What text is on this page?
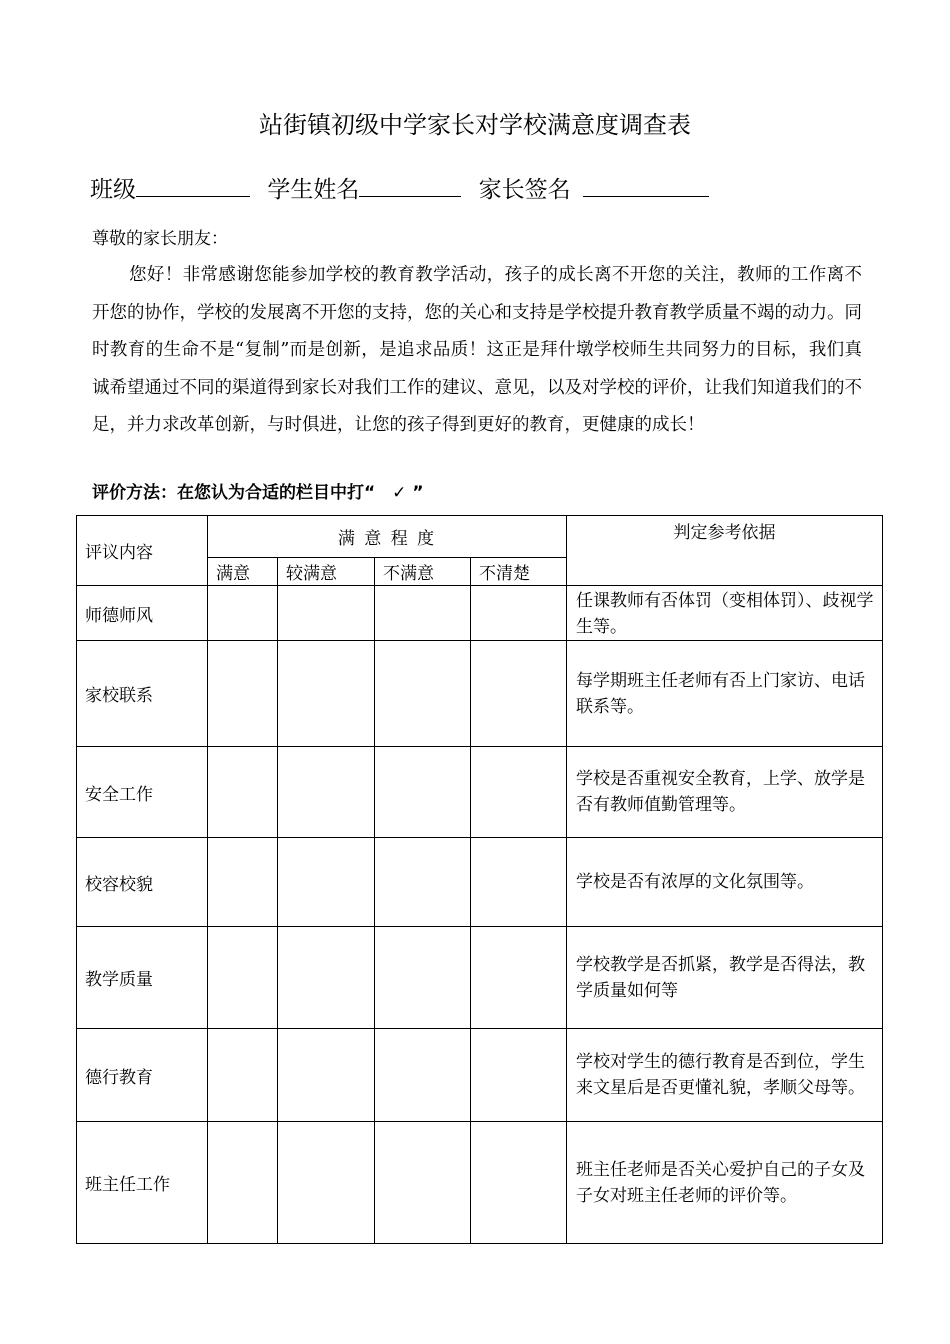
站街镇初级中学家长对学校满意度调查表
班级	学生姓名	家长签名
尊敬的家长朋友：

您好！非常感谢您能参加学校的教育教学活动，孩子的成长离不开您的关注，教师的工作离不开您的协作，学校的发展离不开您的支持，您的关心和支持是学校提升教育教学质量不竭的动力。同时教育的生命不是“复制”而是创新，是追求品质！这正是拜什墩学校师生共同努力的目标，我们真诚希望通过不同的渠道得到家长对我们工作的建议、意见，以及对学校的评价，让我们知道我们的不足，并力求改革创新，与时俱进，让您的孩子得到更好的教育，更健康的成长！

评价方法：在您认为合适的栏目中打“　✓ ”
评议内容	满 意 程 度				判定参考依据
	满意	较满意	不满意	不清楚	
师德师风					任课教师有否体罚（变相体罚）、歧视学生等。
家校联系					每学期班主任老师有否上门家访、电话联系等。
安全工作					学校是否重视安全教育，上学、放学是否有教师值勤管理等。
校容校貌					学校是否有浓厚的文化氛围等。
教学质量					学校教学是否抓紧，教学是否得法，教学质量如何等
德行教育					学校对学生的德行教育是否到位，学生来文星后是否更懂礼貌，孝顺父母等。
班主任工作					班主任老师是否关心爱护自己的子女及子女对班主任老师的评价等。
